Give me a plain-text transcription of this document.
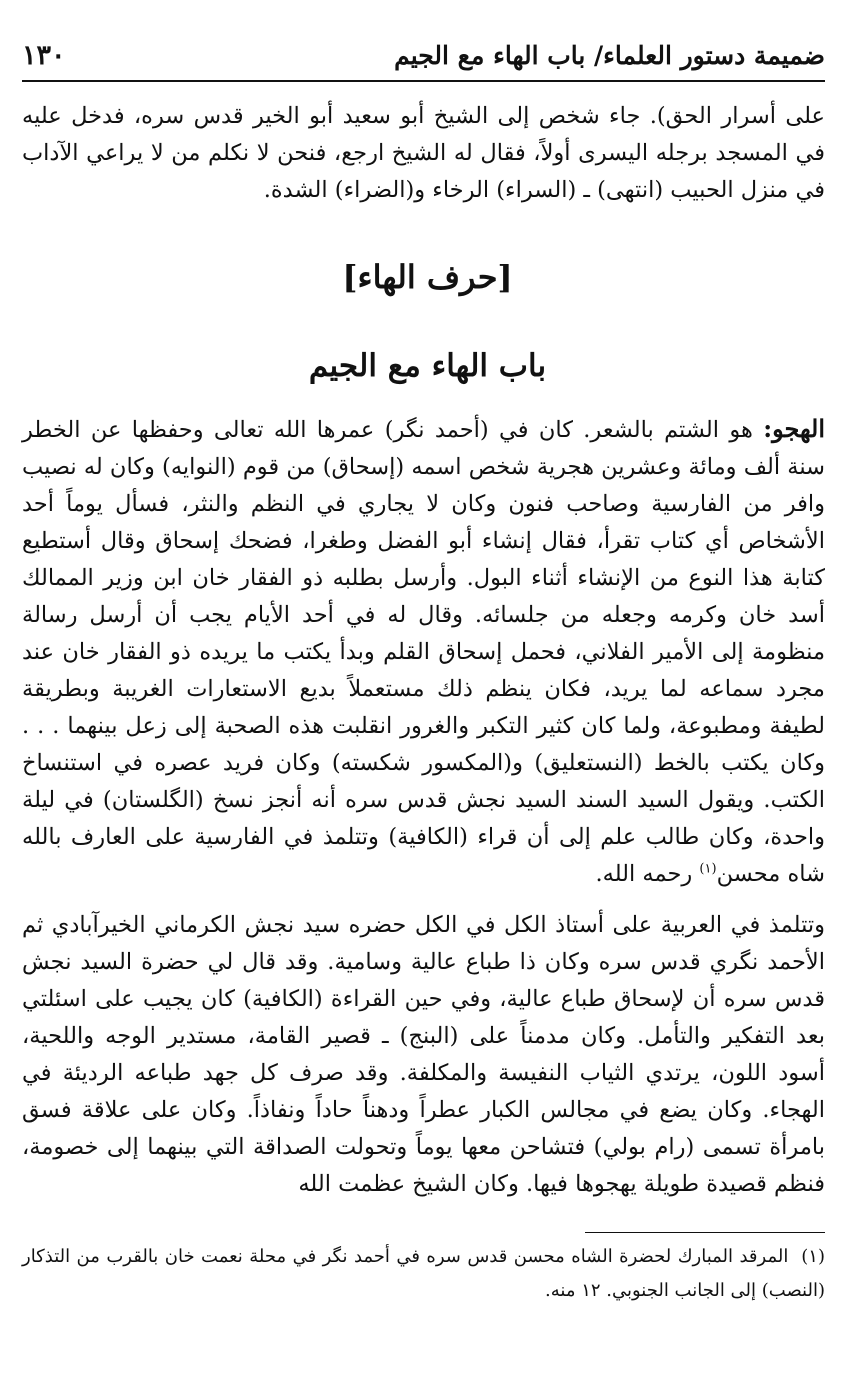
ضميمة دستور العلماء/ باب الهاء مع الجيم
١٣٠

على أسرار الحق). جاء شخص إلى الشيخ أبو سعيد أبو الخير قدس سره، فدخل عليه في المسجد برجله اليسرى أولاً، فقال له الشيخ ارجع، فنحن لا نكلم من لا يراعي الآداب في منزل الحبيب (انتهى) ـ (السراء) الرخاء و(الضراء) الشدة.

[حرف الهاء]
باب الهاء مع الجيم

الهجو: هو الشتم بالشعر. كان في (أحمد نگر) عمرها الله تعالى وحفظها عن الخطر سنة ألف ومائة وعشرين هجرية شخص اسمه (إسحاق) من قوم (النوايه) وكان له نصيب وافر من الفارسية وصاحب فنون وكان لا يجاري في النظم والنثر، فسأل يوماً أحد الأشخاص أي كتاب تقرأ، فقال إنشاء أبو الفضل وطغرا، فضحك إسحاق وقال أستطيع كتابة هذا النوع من الإنشاء أثناء البول. وأرسل بطلبه ذو الفقار خان ابن وزير الممالك أسد خان وكرمه وجعله من جلسائه. وقال له في أحد الأيام يجب أن أرسل رسالة منظومة إلى الأمير الفلاني، فحمل إسحاق القلم وبدأ يكتب ما يريده ذو الفقار خان عند مجرد سماعه لما يريد، فكان ينظم ذلك مستعملاً بديع الاستعارات الغريبة وبطريقة لطيفة ومطبوعة، ولما كان كثير التكبر والغرور انقلبت هذه الصحبة إلى زعل بينهما . . . وكان يكتب بالخط (النستعليق) و(المكسور شكسته) وكان فريد عصره في استنساخ الكتب. ويقول السيد السند السيد نجش قدس سره أنه أنجز نسخ (الگلستان) في ليلة واحدة، وكان طالب علم إلى أن قراء (الكافية) وتتلمذ في الفارسية على العارف بالله شاه محسن$^{(١)}$ رحمه الله.

وتتلمذ في العربية على أستاذ الكل في الكل حضره سيد نجش الكرماني الخيرآبادي ثم الأحمد نگري قدس سره وكان ذا طباع عالية وسامية. وقد قال لي حضرة السيد نجش قدس سره أن لإسحاق طباع عالية، وفي حين القراءة (الكافية) كان يجيب على اسئلتي بعد التفكير والتأمل. وكان مدمناً على (البنج) ـ قصير القامة، مستدير الوجه واللحية، أسود اللون، يرتدي الثياب النفيسة والمكلفة. وقد صرف كل جهد طباعه الرديئة في الهجاء. وكان يضع في مجالس الكبار عطراً ودهناً حاداً ونفاذاً. وكان على علاقة فسق بامرأة تسمى (رام بولي) فتشاحن معها يوماً وتحولت الصداقة التي بينهما إلى خصومة، فنظم قصيدة طويلة يهجوها فيها. وكان الشيخ عظمت الله

(١)  المرقد المبارك لحضرة الشاه محسن قدس سره في أحمد نگر في محلة نعمت خان بالقرب من التذكار (النصب) إلى الجانب الجنوبي. ١٢ منه.
